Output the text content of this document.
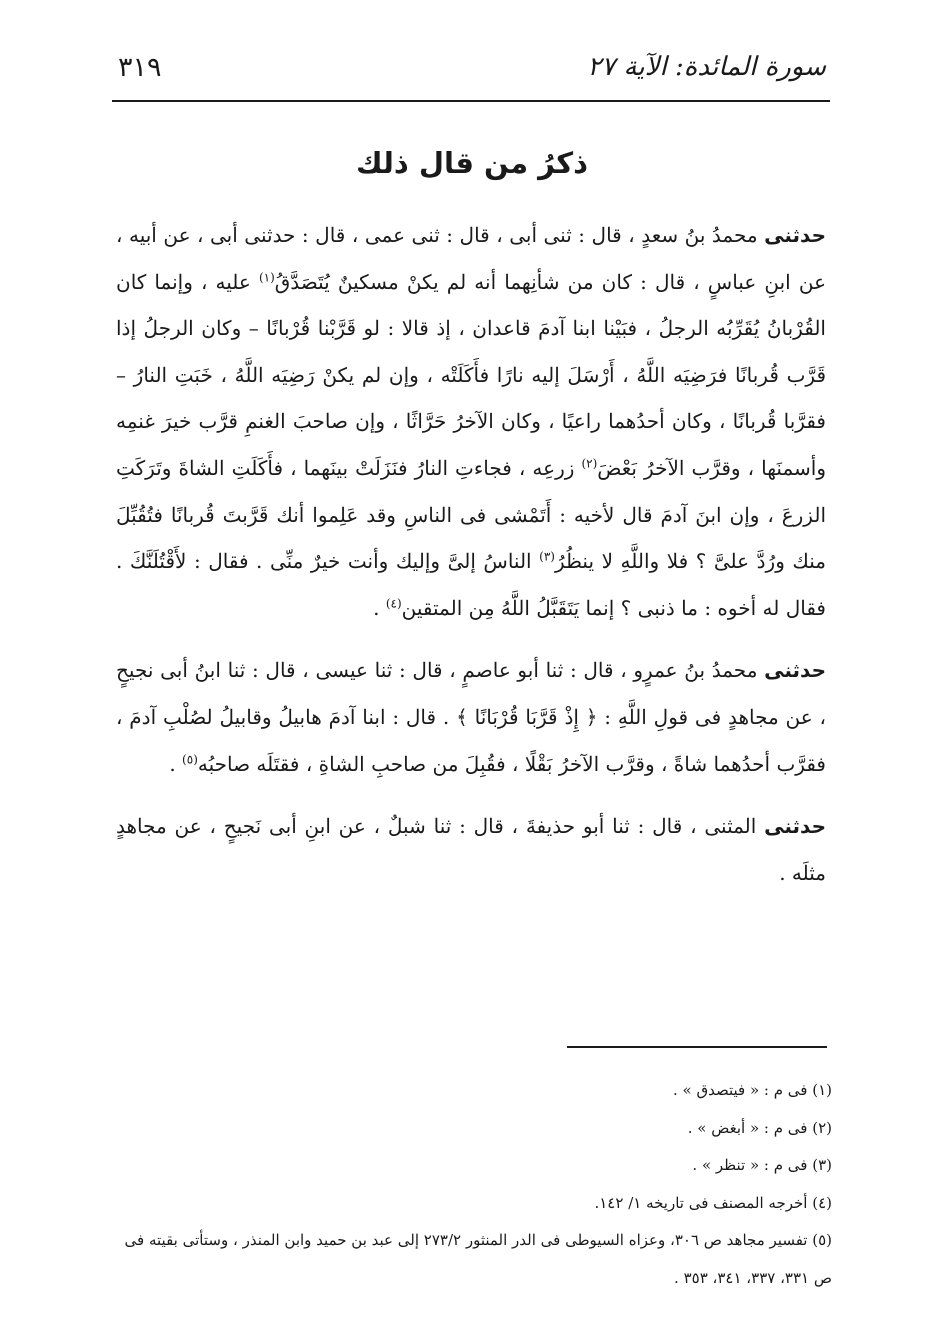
سورة المائدة: الآية ٢٧
٣١٩
ذكرُ من قال ذلك

حدثنى محمدُ بنُ سعدٍ ، قال : ثنى أبى ، قال : ثنى عمى ، قال : حدثنى أبى ، عن أبيه ، عن ابنِ عباسٍ ، قال : كان من شأنِهما أنه لم يكنْ مسكينٌ يُتَصَدَّقُ$^{(١)}$ عليه ، وإنما كان القُرْبانُ يُقَرِّبُه الرجلُ ، فبَيْنا ابنا آدمَ قاعدان ، إذ قالا : لو قَرَّبْنا قُرْبانًا – وكان الرجلُ إذا قَرَّب قُربانًا فرَضِيَه اللَّهُ ، أَرْسَلَ إليه نارًا فأَكَلَتْه ، وإن لم يكنْ رَضِيَه اللَّهُ ، خَبَتِ النارُ – فقرَّبا قُربانًا ، وكان أحدُهما راعيًا ، وكان الآخرُ حَرَّاثًا ، وإن صاحبَ الغنمِ قرَّب خيرَ غنمِه وأسمنَها ، وقرَّب الآخرُ بَعْضَ$^{(٢)}$ زرعِه ، فجاءتِ النارُ فنَزَلَتْ بينَهما ، فأَكَلَتِ الشاةَ وتَرَكَتِ الزرعَ ، وإن ابنَ آدمَ قال لأخيه : أَتَمْشى فى الناسِ وقد عَلِموا أنك قَرَّبتَ قُربانًا فتُقُبِّلَ منك ورُدَّ علىَّ ؟ فلا واللَّهِ لا ينظُرُ$^{(٣)}$ الناسُ إلىَّ وإليك وأنت خيرٌ منِّى . فقال : لأَقْتُلَنَّكَ . فقال له أخوه : ما ذنبى ؟ إنما يَتَقَبَّلُ اللَّهُ مِن المتقين$^{(٤)}$ .

حدثنى محمدُ بنُ عمرٍو ، قال : ثنا أبو عاصمٍ ، قال : ثنا عيسى ، قال : ثنا ابنُ أبى نجيحٍ ، عن مجاهدٍ فى قولِ اللَّهِ : ﴿ إِذْ قَرَّبَا قُرْبَانًا ﴾ . قال : ابنا آدمَ هابيلُ وقابيلُ لصُلْبِ آدمَ ، فقرَّب أحدُهما شاةً ، وقرَّب الآخرُ بَقْلًا ، فقُبِلَ من صاحبِ الشاةِ ، فقتَلَه صاحبُه$^{(٥)}$ .

حدثنى المثنى ، قال : ثنا أبو حذيفةَ ، قال : ثنا شبلٌ ، عن ابنِ أبى نَجيحٍ ، عن مجاهدٍ مثلَه .

(١) فى م : « فيتصدق » .
(٢) فى م : « أبغض » .
(٣) فى م : « تنظر » .
(٤) أخرجه المصنف فى تاريخه ١/ ١٤٢.
(٥) تفسير مجاهد ص ٣٠٦، وعزاه السيوطى فى الدر المنثور ٢٧٣/٢ إلى عبد بن حميد وابن المنذر ، وستأتى بقيته فى ص ٣٣١، ٣٣٧، ٣٤١، ٣٥٣ .
